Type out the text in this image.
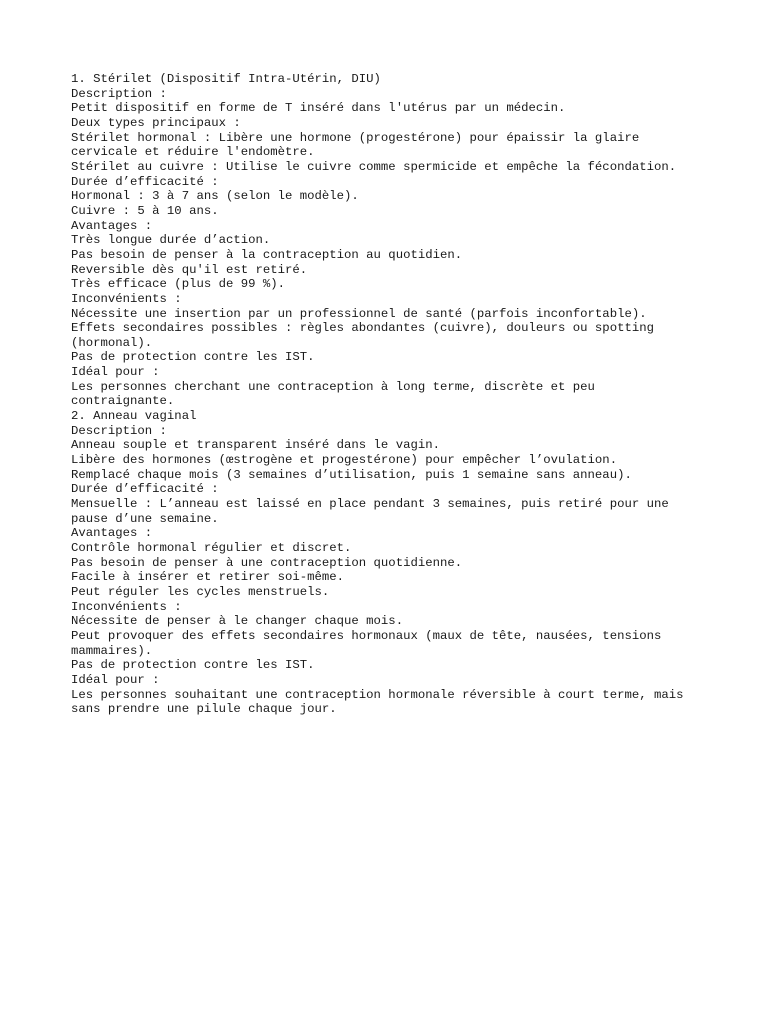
1. Stérilet (Dispositif Intra-Utérin, DIU)
Description :
Petit dispositif en forme de T inséré dans l'utérus par un médecin.
Deux types principaux :
Stérilet hormonal : Libère une hormone (progestérone) pour épaissir la glaire
cervicale et réduire l'endomètre.
Stérilet au cuivre : Utilise le cuivre comme spermicide et empêche la fécondation.
Durée d’efficacité :
Hormonal : 3 à 7 ans (selon le modèle).
Cuivre : 5 à 10 ans.
Avantages :
Très longue durée d’action.
Pas besoin de penser à la contraception au quotidien.
Reversible dès qu'il est retiré.
Très efficace (plus de 99 %).
Inconvénients :
Nécessite une insertion par un professionnel de santé (parfois inconfortable).
Effets secondaires possibles : règles abondantes (cuivre), douleurs ou spotting
(hormonal).
Pas de protection contre les IST.
Idéal pour :
Les personnes cherchant une contraception à long terme, discrète et peu
contraignante.
2. Anneau vaginal
Description :
Anneau souple et transparent inséré dans le vagin.
Libère des hormones (œstrogène et progestérone) pour empêcher l’ovulation.
Remplacé chaque mois (3 semaines d’utilisation, puis 1 semaine sans anneau).
Durée d’efficacité :
Mensuelle : L’anneau est laissé en place pendant 3 semaines, puis retiré pour une
pause d’une semaine.
Avantages :
Contrôle hormonal régulier et discret.
Pas besoin de penser à une contraception quotidienne.
Facile à insérer et retirer soi-même.
Peut réguler les cycles menstruels.
Inconvénients :
Nécessite de penser à le changer chaque mois.
Peut provoquer des effets secondaires hormonaux (maux de tête, nausées, tensions
mammaires).
Pas de protection contre les IST.
Idéal pour :
Les personnes souhaitant une contraception hormonale réversible à court terme, mais
sans prendre une pilule chaque jour.
